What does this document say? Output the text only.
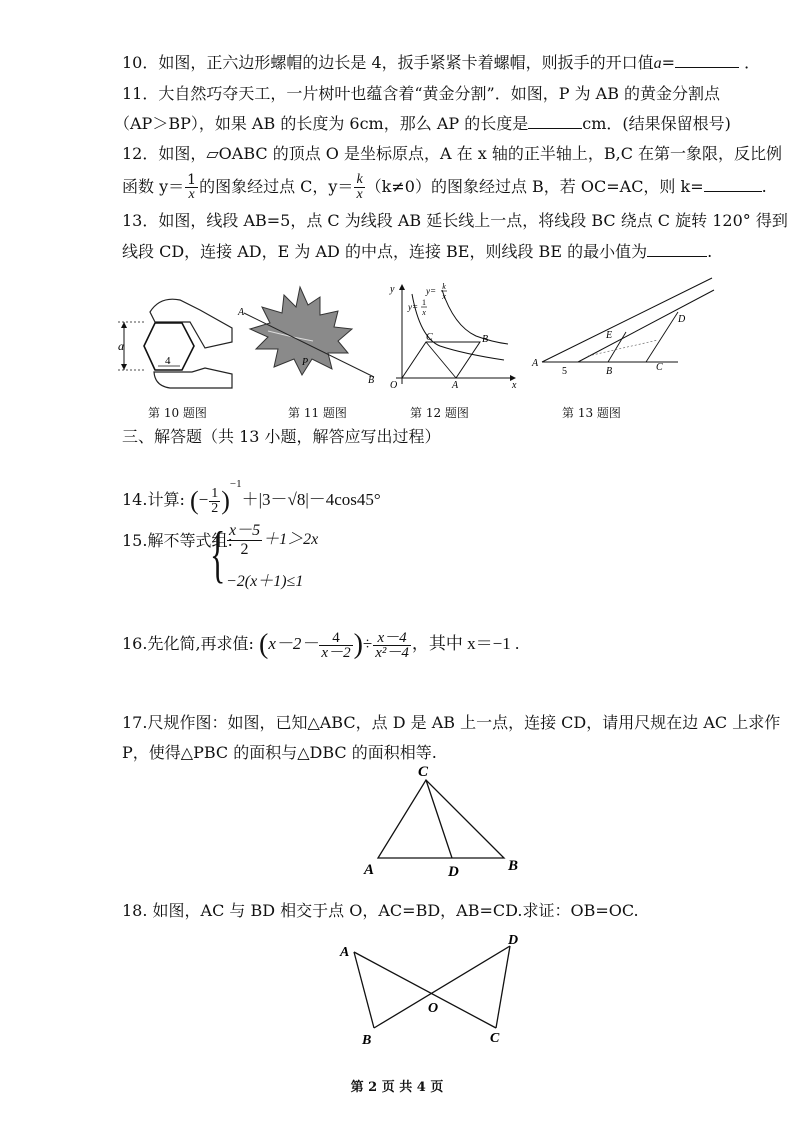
10．如图，正六边形螺帽的边长是 4，扳手紧紧卡着螺帽，则扳手的开口值a=	．
11．大自然巧夺天工，一片树叶也蕴含着“黄金分割”．如图，P 为 AB 的黄金分割点
（AP＞BP），如果 AB 的长度为 6cm，那么 AP 的长度是	cm．(结果保留根号)
12．如图，▱OABC 的顶点 O 是坐标原点，A 在 x 轴的正半轴上，B,C 在第一象限，反比例
函数 $y= \frac{1}{x}$ 的图象经过点 C，$y= \frac{k}{x} (k\ne 0)$的图象经过点 B，若 OC=AC，则 k=	.
13．如图，线段 AB=5，点 C 为线段 AB 延长线上一点，将线段 BC 绕点 C 旋转 120° 得到
线段 CD，连接 AD，E 为 AD 的中点，连接 BE，则线段 BE 的最小值为	.
a
4
第 10 题图
A
P
B
第 11 题图
y
x
O	A
B
C
y= 1
x
y= k
x
第 12 题图
A
B	C
D
E
5
第 13 题图
三、解答题（共 13 小题，解答应写出过程）
14.计算: (− $\frac{1}{2} )^{-1}+|3-√8|-4\cos 45^\circ$
15.解不等式组:
{ $\frac{x-5}{2} +1>2x$
−2(x＋1)≤1
16.先化简,再求值: ($x-2- \frac{4}{x-2}$ )÷ $\frac{x-4}{\text{x²－4}}$ ，其中 x＝−1 .
17.尺规作图：如图，已知△ABC，点 D 是 AB 上一点，连接 CD，请用尺规在边 AC 上求作
P，使得△PBC 的面积与△DBC 的面积相等.
A	B
C
D
18. 如图，AC 与 BD 相交于点 O，AC=BD，AB=CD.求证：OB=OC.
A
B	C
D
O
第 2 页 共 4 页
